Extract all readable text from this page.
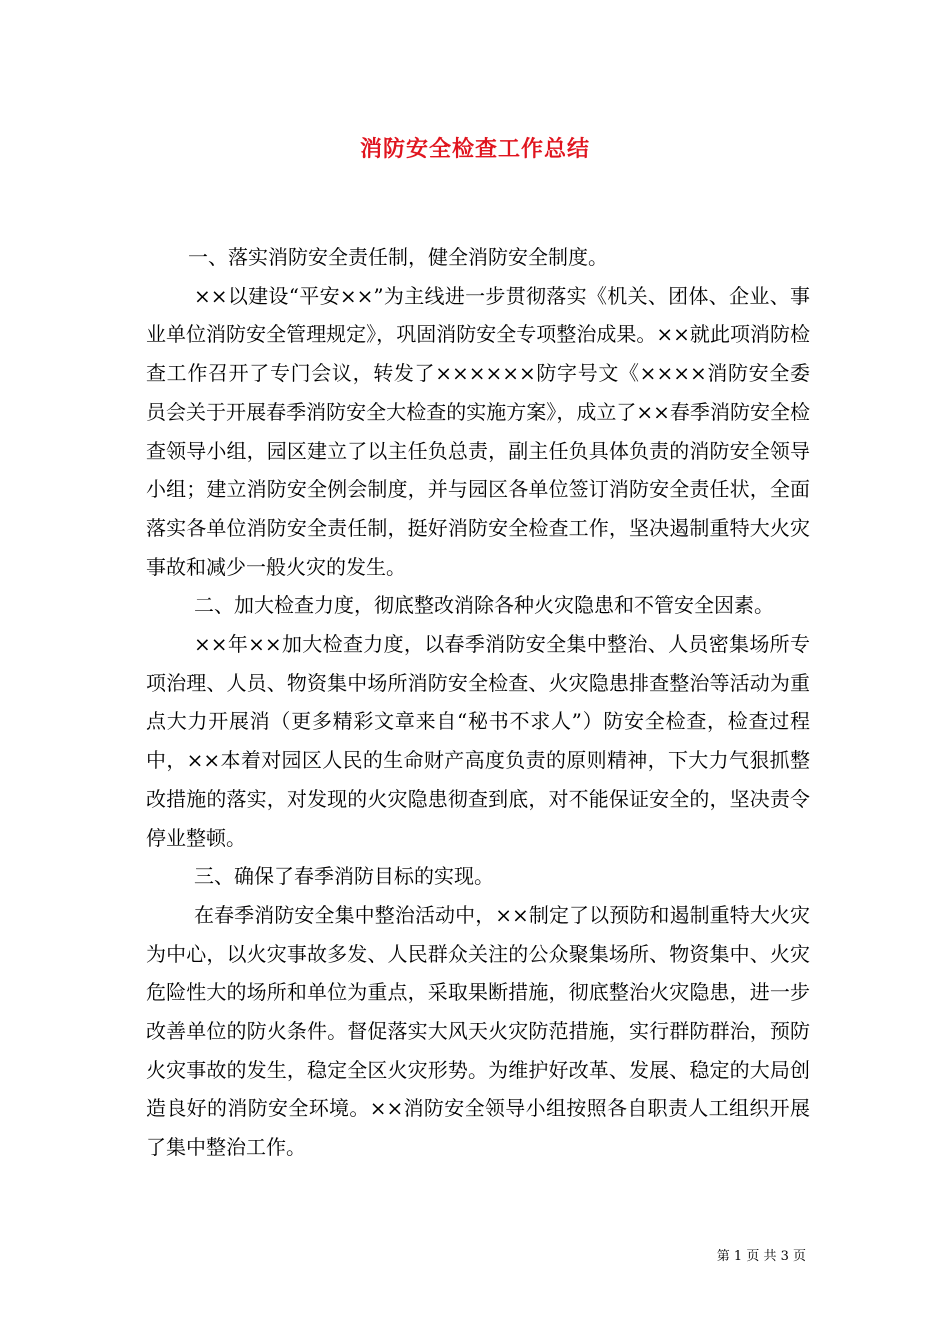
消防安全检查工作总结

一、落实消防安全责任制，健全消防安全制度。

××以建设“平安××”为主线进一步贯彻落实《机关、团体、企业、事业单位消防安全管理规定》，巩固消防安全专项整治成果。××就此项消防检查工作召开了专门会议，转发了××××××防字号文《××××消防安全委员会关于开展春季消防安全大检查的实施方案》，成立了××春季消防安全检查领导小组，园区建立了以主任负总责，副主任负具体负责的消防安全领导小组；建立消防安全例会制度，并与园区各单位签订消防安全责任状，全面落实各单位消防安全责任制，挺好消防安全检查工作，坚决遏制重特大火灾事故和减少一般火灾的发生。

二、加大检查力度，彻底整改消除各种火灾隐患和不管安全因素。

××年××加大检查力度，以春季消防安全集中整治、人员密集场所专项治理、人员、物资集中场所消防安全检查、火灾隐患排查整治等活动为重点大力开展消（更多精彩文章来自“秘书不求人”）防安全检查，检查过程中，××本着对园区人民的生命财产高度负责的原则精神，下大力气狠抓整改措施的落实，对发现的火灾隐患彻查到底，对不能保证安全的，坚决责令停业整顿。

三、确保了春季消防目标的实现。

在春季消防安全集中整治活动中，××制定了以预防和遏制重特大火灾为中心，以火灾事故多发、人民群众关注的公众聚集场所、物资集中、火灾危险性大的场所和单位为重点，采取果断措施，彻底整治火灾隐患，进一步改善单位的防火条件。督促落实大风天火灾防范措施，实行群防群治，预防火灾事故的发生，稳定全区火灾形势。为维护好改革、发展、稳定的大局创造良好的消防安全环境。××消防安全领导小组按照各自职责人工组织开展了集中整治工作。

第 1 页 共 3 页
